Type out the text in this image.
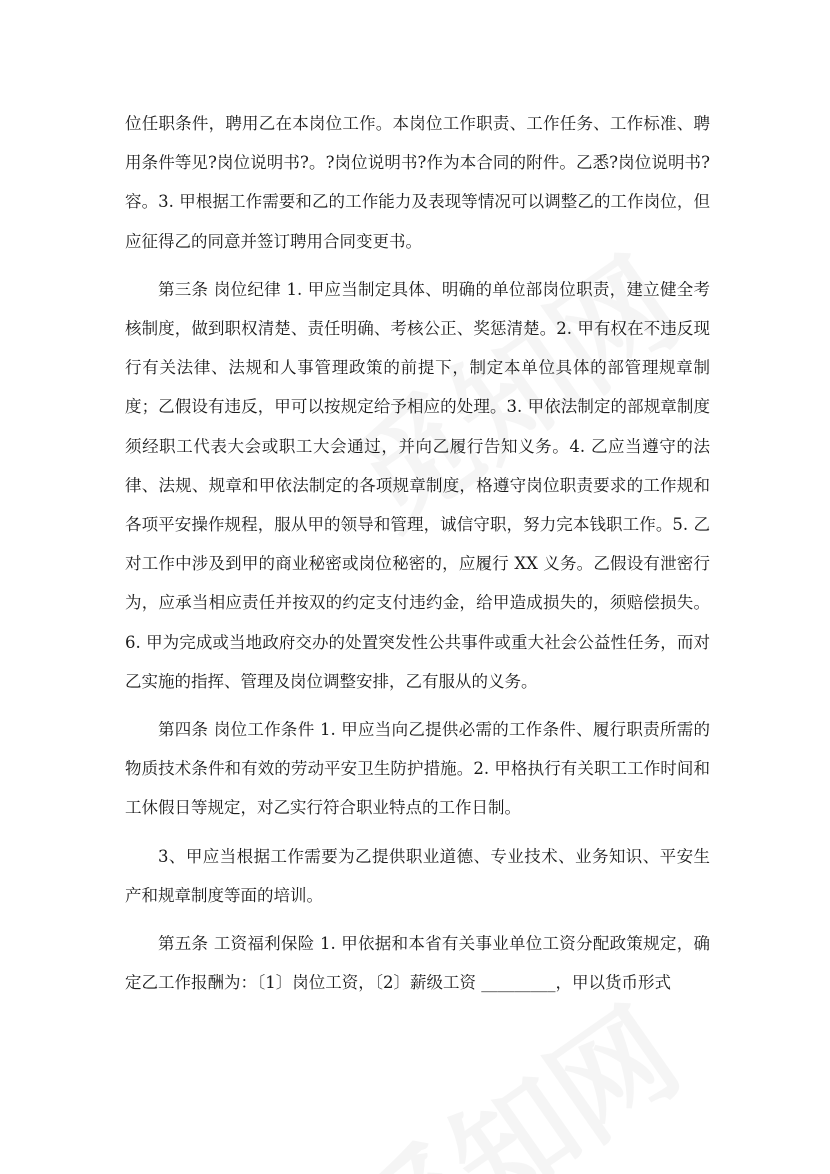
位任职条件，聘用乙在本岗位工作。本岗位工作职责、工作任务、工作标准、聘用条件等见?岗位说明书?。?岗位说明书?作为本合同的附件。乙悉?岗位说明书?容。3. 甲根据工作需要和乙的工作能力及表现等情况可以调整乙的工作岗位，但应征得乙的同意并签订聘用合同变更书。

第三条 岗位纪律 1. 甲应当制定具体、明确的单位部岗位职责，建立健全考核制度，做到职权清楚、责任明确、考核公正、奖惩清楚。2. 甲有权在不违反现行有关法律、法规和人事管理政策的前提下，制定本单位具体的部管理规章制度；乙假设有违反，甲可以按规定给予相应的处理。3. 甲依法制定的部规章制度须经职工代表大会或职工大会通过，并向乙履行告知义务。4. 乙应当遵守的法律、法规、规章和甲依法制定的各项规章制度，格遵守岗位职责要求的工作规和各项平安操作规程，服从甲的领导和管理，诚信守职，努力完本钱职工作。5. 乙对工作中涉及到甲的商业秘密或岗位秘密的，应履行 XX 义务。乙假设有泄密行为，应承当相应责任并按双的约定支付违约金，给甲造成损失的，须赔偿损失。6. 甲为完成或当地政府交办的处置突发性公共事件或重大社会公益性任务，而对乙实施的指挥、管理及岗位调整安排，乙有服从的义务。

第四条 岗位工作条件 1. 甲应当向乙提供必需的工作条件、履行职责所需的物质技术条件和有效的劳动平安卫生防护措施。2. 甲格执行有关职工工作时间和工休假日等规定，对乙实行符合职业特点的工作日制。

3、甲应当根据工作需要为乙提供职业道德、专业技术、业务知识、平安生产和规章制度等面的培训。

第五条 工资福利保险 1. 甲依据和本省有关事业单位工资分配政策规定，确定乙工作报酬为：〔1〕岗位工资，〔2〕薪级工资 _________，甲以货币形式
